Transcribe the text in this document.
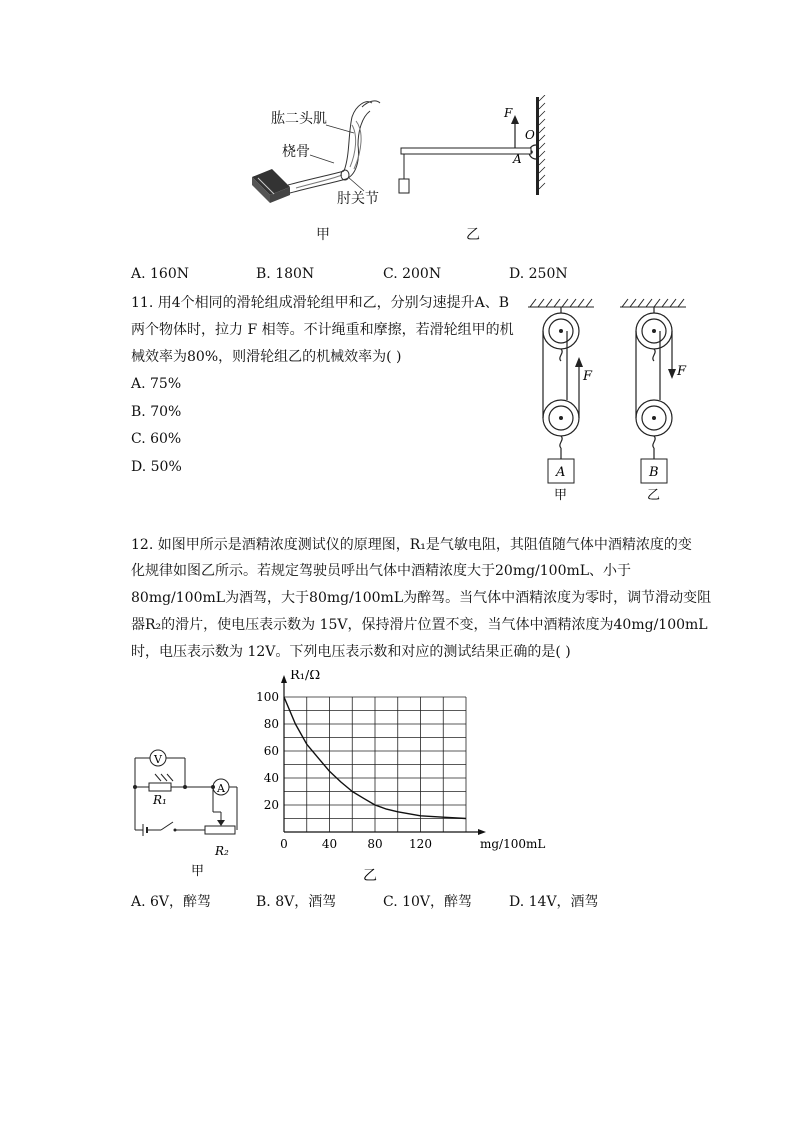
肱二头肌
桡骨
肘关节
甲
F
O
A
乙
A. 160N	B. 180N	C. 200N	D. 250N
11. 用4个相同的滑轮组成滑轮组甲和乙，分别匀速提升A、B
两个物体时，拉力 F 相等。不计绳重和摩擦，若滑轮组甲的机
械效率为80%，则滑轮组乙的机械效率为( )
A. 75%
B. 70%
C. 60%
D. 50%
F	F
A	B
甲	乙
12. 如图甲所示是酒精浓度测试仪的原理图，R₁是气敏电阻，其阻值随气体中酒精浓度的变
化规律如图乙所示。若规定驾驶员呼出气体中酒精浓度大于20mg/100mL、小于
80mg/100mL为酒驾，大于80mg/100mL为醉驾。当气体中酒精浓度为零时，调节滑动变阻
器R₂的滑片，使电压表示数为 15V，保持滑片位置不变，当气体中酒精浓度为40mg/100mL
时，电压表示数为 12V。下列电压表示数和对应的测试结果正确的是( )
V
A
R₁
R₂
甲
0	40	80 120
20
40
60
80
100
R₁/Ω
mg/100mL
乙
A. 6V，醉驾	B. 8V，酒驾	C. 10V，醉驾	D. 14V，酒驾
